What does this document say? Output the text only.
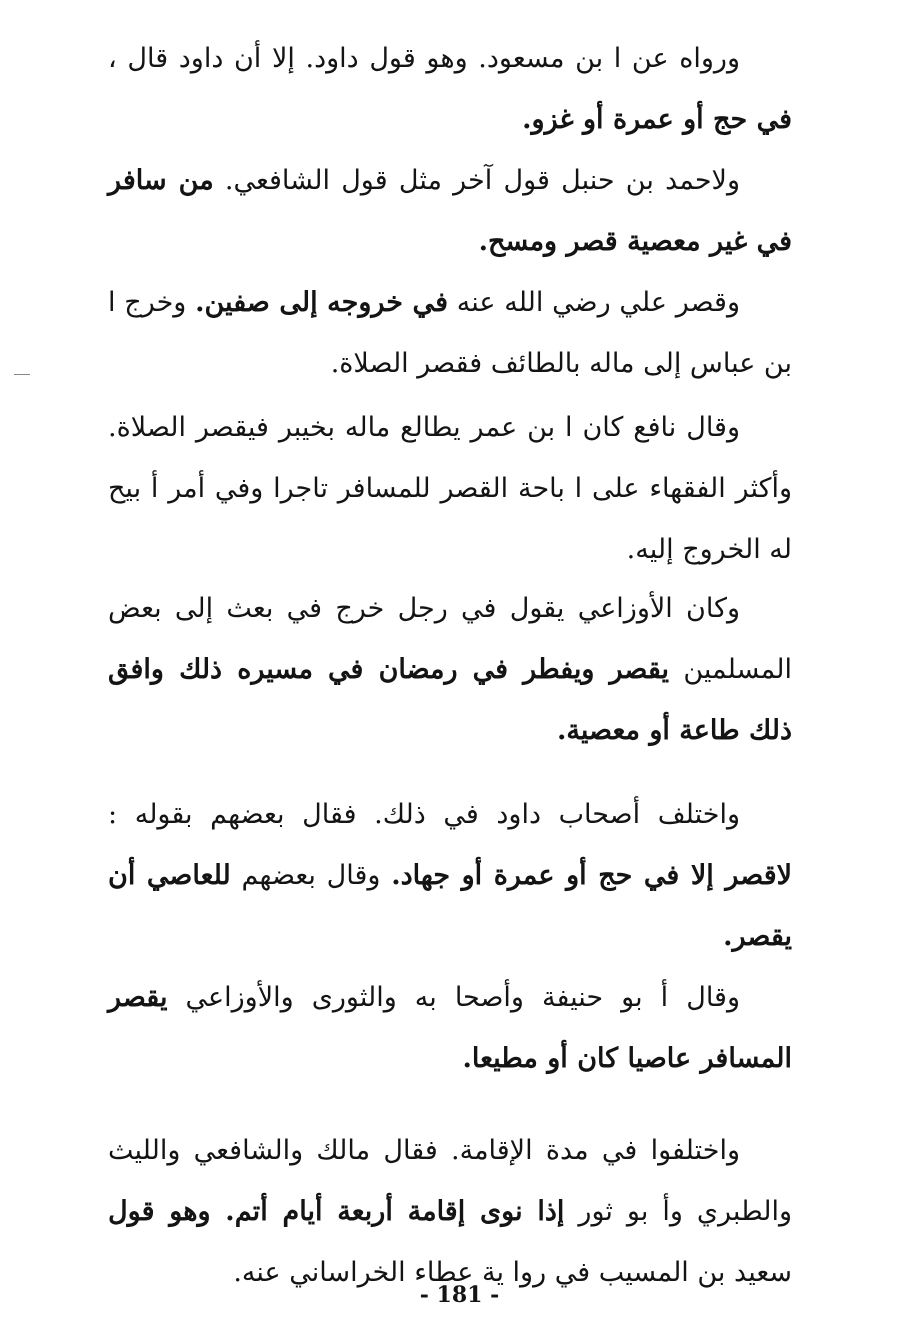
ورواه عن ا بن مسعود. وهو قول داود. إلا أن داود قال ، في حج أو عمرة أو غزو.

ولاحمد بن حنبل قول آخر مثل قول الشافعي. من سافر في غير معصية قصر ومسح.

وقصر علي رضي الله عنه في خروجه إلى صفين. وخرج ا بن عباس إلى ماله بالطائف فقصر الصلاة.

وقال نافع كان ا بن عمر يطالع ماله بخيبر فيقصر الصلاة. وأكثر الفقهاء على ا باحة القصر للمسافر تاجرا وفي أمر أ بيح له الخروج إليه.

وكان الأوزاعي يقول في رجل خرج في بعث إلى بعض المسلمين يقصر ويفطر في رمضان في مسيره ذلك وافق ذلك طاعة أو معصية.

واختلف أصحاب داود في ذلك. فقال بعضهم بقوله : لاقصر إلا في حج أو عمرة أو جهاد. وقال بعضهم للعاصي أن يقصر.

وقال أ بو حنيفة وأصحا به والثورى والأوزاعي يقصر المسافر عاصيا كان أو مطيعا.

واختلفوا في مدة الإقامة. فقال مالك والشافعي والليث والطبري وأ بو ثور إذا نوى إقامة أربعة أيام أتم. وهو قول سعيد بن المسيب في روا ية عطاء الخراساني عنه.

- 181 -
